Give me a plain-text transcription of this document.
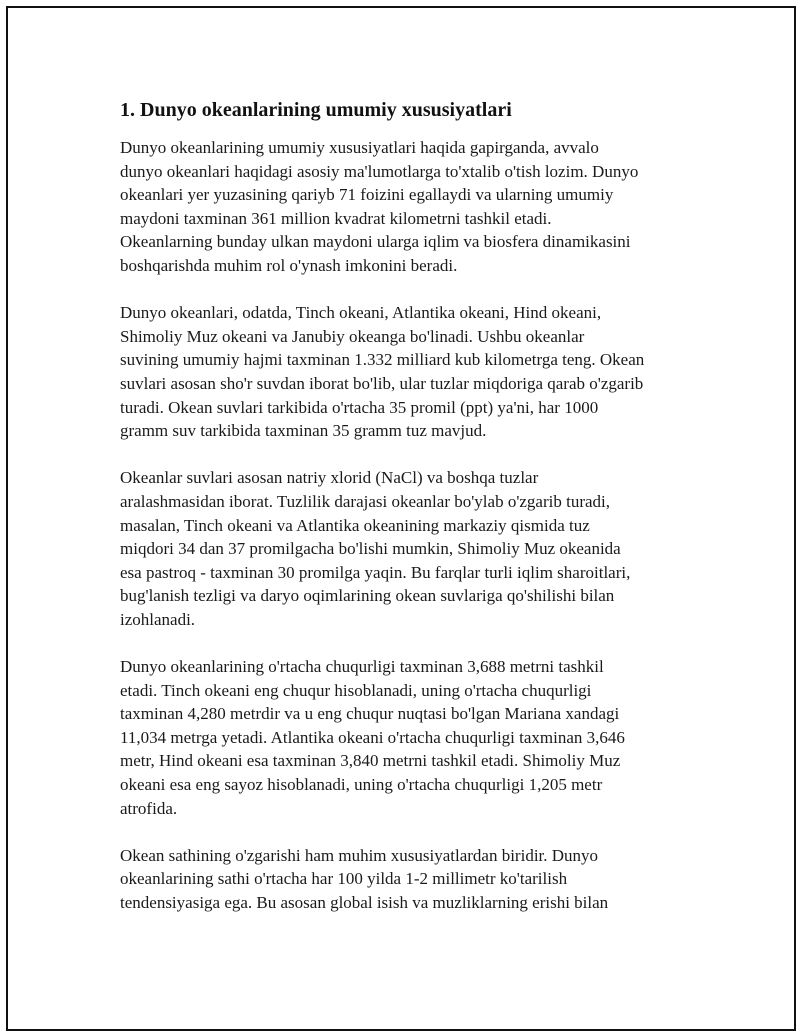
1. Dunyo okeanlarining umumiy xususiyatlari

Dunyo okeanlarining umumiy xususiyatlari haqida gapirganda, avvalo
dunyo okeanlari haqidagi asosiy ma'lumotlarga to'xtalib o'tish lozim. Dunyo
okeanlari yer yuzasining qariyb 71 foizini egallaydi va ularning umumiy
maydoni taxminan 361 million kvadrat kilometrni tashkil etadi.
Okeanlarning bunday ulkan maydoni ularga iqlim va biosfera dinamikasini
boshqarishda muhim rol o'ynash imkonini beradi.

Dunyo okeanlari, odatda, Tinch okeani, Atlantika okeani, Hind okeani,
Shimoliy Muz okeani va Janubiy okeanga bo'linadi. Ushbu okeanlar
suvining umumiy hajmi taxminan 1.332 milliard kub kilometrga teng. Okean
suvlari asosan sho'r suvdan iborat bo'lib, ular tuzlar miqdoriga qarab o'zgarib
turadi. Okean suvlari tarkibida o'rtacha 35 promil (ppt) ya'ni, har 1000
gramm suv tarkibida taxminan 35 gramm tuz mavjud.

Okeanlar suvlari asosan natriy xlorid (NaCl) va boshqa tuzlar
aralashmasidan iborat. Tuzlilik darajasi okeanlar bo'ylab o'zgarib turadi,
masalan, Tinch okeani va Atlantika okeanining markaziy qismida tuz
miqdori 34 dan 37 promilgacha bo'lishi mumkin, Shimoliy Muz okeanida
esa pastroq - taxminan 30 promilga yaqin. Bu farqlar turli iqlim sharoitlari,
bug'lanish tezligi va daryo oqimlarining okean suvlariga qo'shilishi bilan
izohlanadi.

Dunyo okeanlarining o'rtacha chuqurligi taxminan 3,688 metrni tashkil
etadi. Tinch okeani eng chuqur hisoblanadi, uning o'rtacha chuqurligi
taxminan 4,280 metrdir va u eng chuqur nuqtasi bo'lgan Mariana xandagi
11,034 metrga yetadi. Atlantika okeani o'rtacha chuqurligi taxminan 3,646
metr, Hind okeani esa taxminan 3,840 metrni tashkil etadi. Shimoliy Muz
okeani esa eng sayoz hisoblanadi, uning o'rtacha chuqurligi 1,205 metr
atrofida.

Okean sathining o'zgarishi ham muhim xususiyatlardan biridir. Dunyo
okeanlarining sathi o'rtacha har 100 yilda 1-2 millimetr ko'tarilish
tendensiyasiga ega. Bu asosan global isish va muzliklarning erishi bilan
